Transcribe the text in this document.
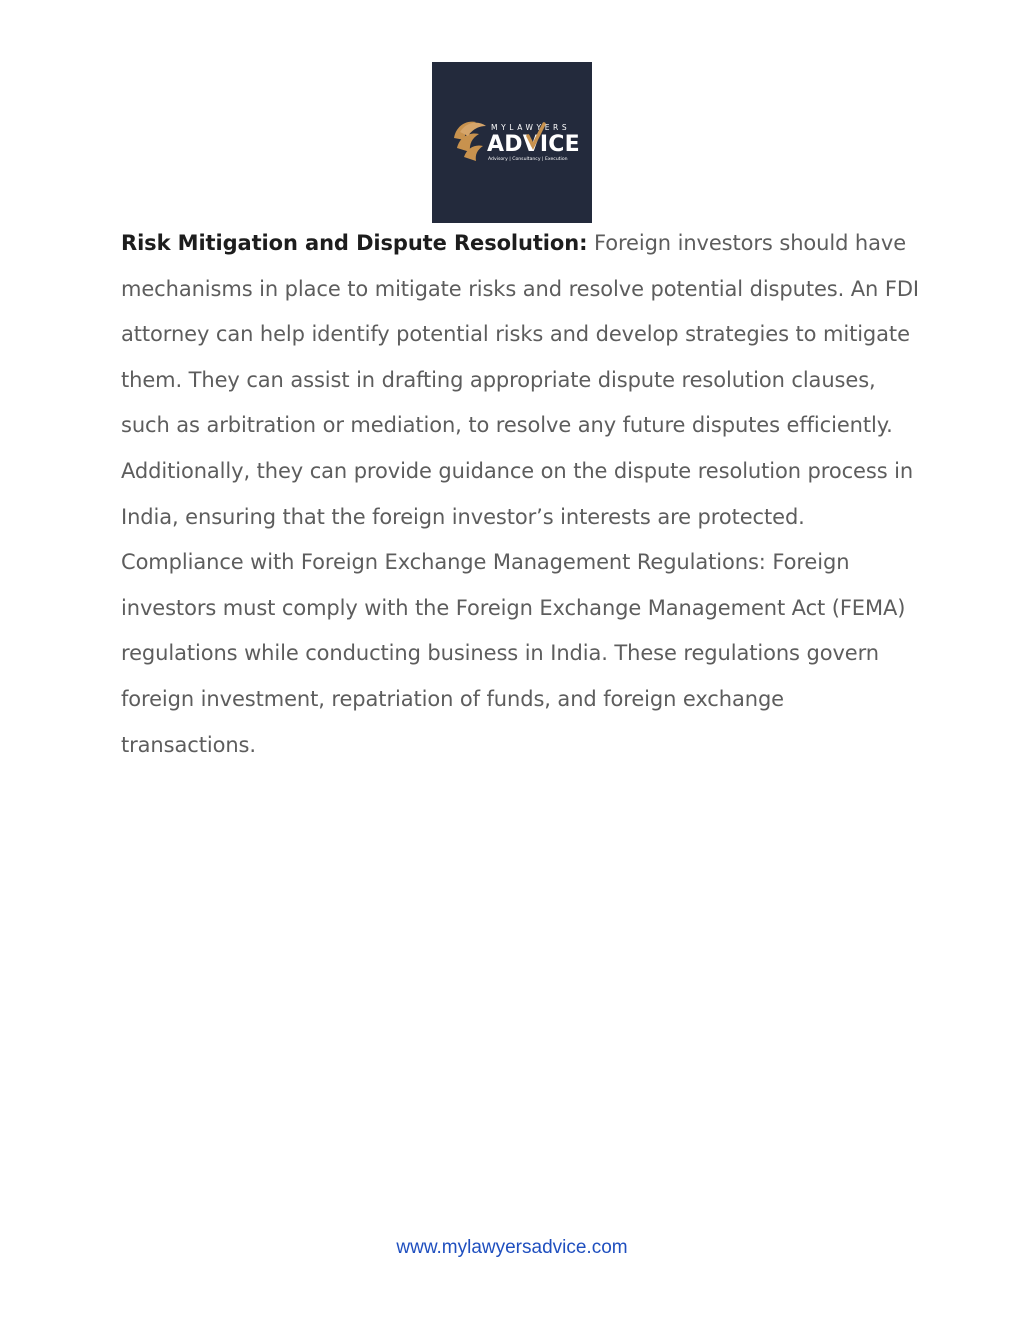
MYLAWYERS
ADVICE
Advisory | Consultancy | Execution

Risk Mitigation and Dispute Resolution: Foreign investors should have mechanisms in place to mitigate risks and resolve potential disputes. An FDI attorney can help identify potential risks and develop strategies to mitigate them. They can assist in drafting appropriate dispute resolution clauses, such as arbitration or mediation, to resolve any future disputes efficiently. Additionally, they can provide guidance on the dispute resolution process in India, ensuring that the foreign investor’s interests are protected.

Compliance with Foreign Exchange Management Regulations: Foreign investors must comply with the Foreign Exchange Management Act (FEMA) regulations while conducting business in India. These regulations govern foreign investment, repatriation of funds, and foreign exchange transactions.

www.mylawyersadvice.com
